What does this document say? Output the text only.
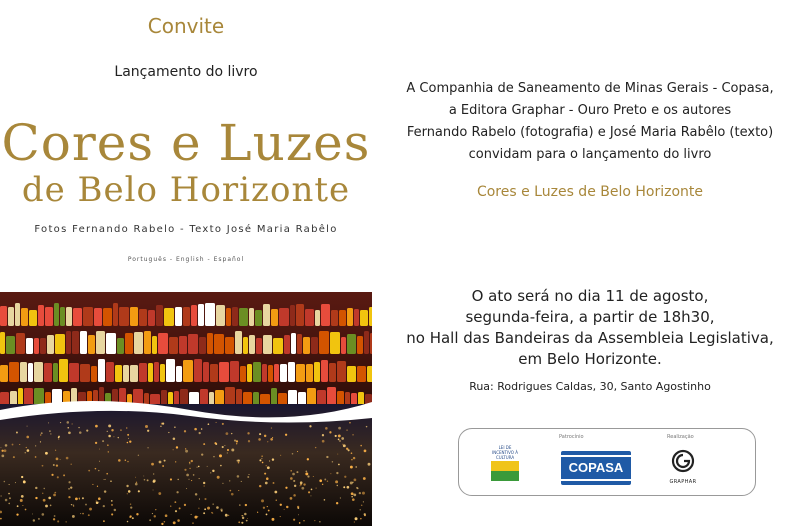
Convite
Lançamento do livro
Cores e Luzes
de Belo Horizonte
Fotos Fernando Rabelo - Texto José Maria Rabêlo
Português - English - Español
A Companhia de Saneamento de Minas Gerais - Copasa,
a Editora Graphar - Ouro Preto e os autores
Fernando Rabelo (fotografia) e José Maria Rabêlo (texto)
convidam para o lançamento do livro
Cores e Luzes de Belo Horizonte
O ato será no dia 11 de agosto,
segunda-feira, a partir de 18h30,
no Hall das Bandeiras da Assembleia Legislativa,
em Belo Horizonte.
Rua: Rodrigues Caldas, 30, Santo Agostinho
LEI DE INCENTIVO À CULTURA
Patrocínio
COPASA
Realização
GRAPHAR
